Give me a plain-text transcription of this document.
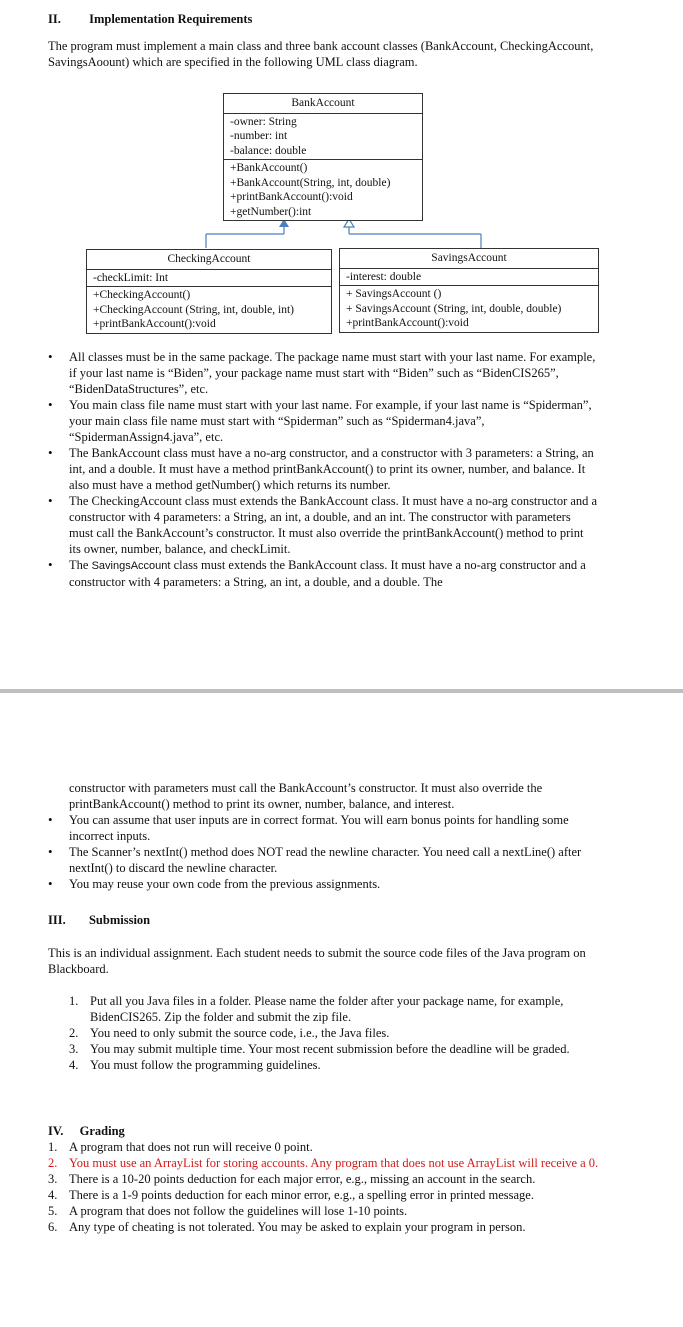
II. Implementation Requirements
The program must implement a main class and three bank account classes (BankAccount, CheckingAccount, SavingsAoount) which are specified in the following UML class diagram.
BankAccount
-owner: String
-number: int
-balance: double
+BankAccount()
+BankAccount(String, int, double)
+printBankAccount():void
+getNumber():int
CheckingAccount
-checkLimit: Int
+CheckingAccount()
+CheckingAccount (String, int, double, int)
+printBankAccount():void
SavingsAccount
-interest: double
+ SavingsAccount ()
+ SavingsAccount (String, int, double, double)
+printBankAccount():void
• All classes must be in the same package. The package name must start with your last name. For example, if your last name is “Biden”, your package name must start with “Biden” such as “BidenCIS265”, “BidenDataStructures”, etc.
• You main class file name must start with your last name. For example, if your last name is “Spiderman”, your main class file name must start with “Spiderman” such as “Spiderman4.java”, “SpidermanAssign4.java”, etc.
• The BankAccount class must have a no-arg constructor, and a constructor with 3 parameters: a String, an int, and a double. It must have a method printBankAccount() to print its owner, number, and balance. It also must have a method getNumber() which returns its number.
• The CheckingAccount class must extends the BankAccount class. It must have a no-arg constructor and a constructor with 4 parameters: a String, an int, a double, and an int. The constructor with parameters must call the BankAccount’s constructor. It must also override the printBankAccount() method to print its owner, number, balance, and checkLimit.
• The SavingsAccount class must extends the BankAccount class. It must have a no-arg constructor and a constructor with 4 parameters: a String, an int, a double, and a double. The
constructor with parameters must call the BankAccount’s constructor. It must also override the printBankAccount() method to print its owner, number, balance, and interest.
• You can assume that user inputs are in correct format. You will earn bonus points for handling some incorrect inputs.
• The Scanner’s nextInt() method does NOT read the newline character. You need call a nextLine() after nextInt() to discard the newline character.
• You may reuse your own code from the previous assignments.
III. Submission
This is an individual assignment. Each student needs to submit the source code files of the Java program on Blackboard.
1. Put all you Java files in a folder. Please name the folder after your package name, for example, BidenCIS265. Zip the folder and submit the zip file.
2. You need to only submit the source code, i.e., the Java files.
3. You may submit multiple time. Your most recent submission before the deadline will be graded.
4. You must follow the programming guidelines.
IV. Grading
1. A program that does not run will receive 0 point.
2. You must use an ArrayList for storing accounts. Any program that does not use ArrayList will receive a 0.
3. There is a 10-20 points deduction for each major error, e.g., missing an account in the search.
4. There is a 1-9 points deduction for each minor error, e.g., a spelling error in printed message.
5. A program that does not follow the guidelines will lose 1-10 points.
6. Any type of cheating is not tolerated. You may be asked to explain your program in person.
